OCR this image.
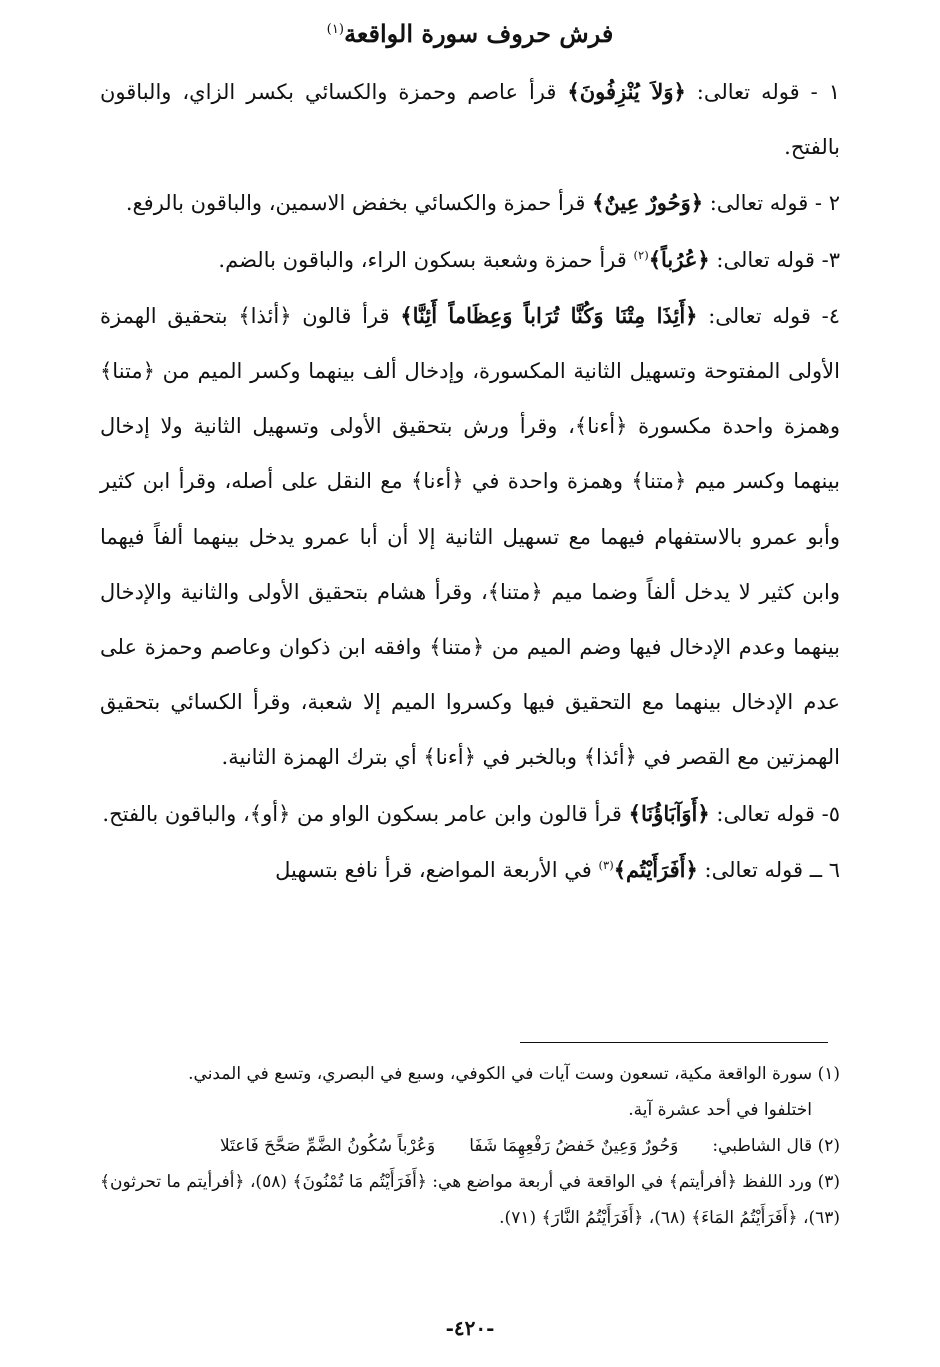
فرش حروف سورة الواقعة$^{(١)}$

١ - قوله تعالى: ﴿وَلاَ يُنْزِفُونَ﴾ قرأ عاصم وحمزة والكسائي بكسر الزاي، والباقون بالفتح.

٢ - قوله تعالى: ﴿وَحُورٌ عِينٌ﴾ قرأ حمزة والكسائي بخفض الاسمين، والباقون بالرفع.

٣- قوله تعالى: ﴿عُرُباً﴾$^{(٢)}$ قرأ حمزة وشعبة بسكون الراء، والباقون بالضم.

٤- قوله تعالى: ﴿أَئِذَا مِتْنَا وَكُنَّا تُرَاباً وَعِظَاماً أَئِنَّا﴾ قرأ قالون ﴿أئذا﴾ بتحقيق الهمزة الأولى المفتوحة وتسهيل الثانية المكسورة، وإدخال ألف بينهما وكسر الميم من ﴿متنا﴾ وهمزة واحدة مكسورة ﴿أءنا﴾، وقرأ ورش بتحقيق الأولى وتسهيل الثانية ولا إدخال بينهما وكسر ميم ﴿متنا﴾ وهمزة واحدة في ﴿أءنا﴾ مع النقل على أصله، وقرأ ابن كثير وأبو عمرو بالاستفهام فيهما مع تسهيل الثانية إلا أن أبا عمرو يدخل بينهما ألفاً فيهما وابن كثير لا يدخل ألفاً وضما ميم ﴿متنا﴾، وقرأ هشام بتحقيق الأولى والثانية والإدخال بينهما وعدم الإدخال فيها وضم الميم من ﴿متنا﴾ وافقه ابن ذكوان وعاصم وحمزة على عدم الإدخال بينهما مع التحقيق فيها وكسروا الميم إلا شعبة، وقرأ الكسائي بتحقيق الهمزتين مع القصر في ﴿أئذا﴾ وبالخبر في ﴿أءنا﴾ أي بترك الهمزة الثانية.

٥- قوله تعالى: ﴿أَوَآبَاؤُنَا﴾ قرأ قالون وابن عامر بسكون الواو من ﴿أو﴾، والباقون بالفتح.

٦ ــ قوله تعالى: ﴿أَفَرَأَيْتُم﴾$^{(٣)}$ في الأربعة المواضع، قرأ نافع بتسهيل

(١) سورة الواقعة مكية، تسعون وست آيات في الكوفي، وسبع في البصري، وتسع في المدني.

اختلفوا في أحد عشرة آية.

(٢) قال الشاطبي:
وَحُورٌ وَعِينٌ خَفضُ رَفْعِهِمَا شَفَا
وَعُرْباً سُكُونُ الضَّمِّ صَحَّحَ فَاعتَلا

(٣) ورد اللفظ ﴿أفرأيتم﴾ في الواقعة في أربعة مواضع هي: ﴿أَفَرَأَيْتُم مَا تُمْنُونَ﴾ (٥٨)، ﴿أفرأيتم ما تحرثون﴾ (٦٣)، ﴿أَفَرَأَيْتُمُ المَاءَ﴾ (٦٨)، ﴿أَفَرَأَيْتُمُ النَّارَ﴾ (٧١).

-٤٢٠-
